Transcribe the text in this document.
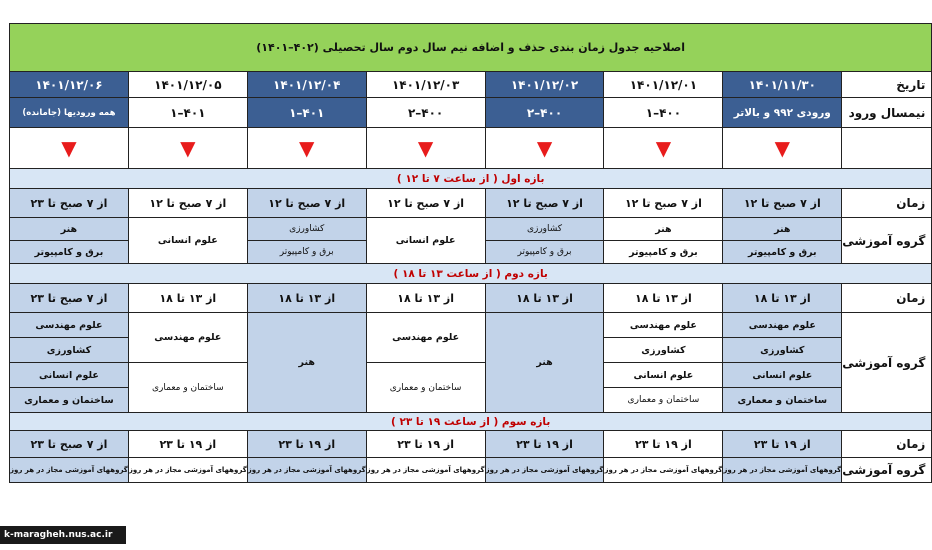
اصلاحیه جدول زمان بندی حذف و اضافه نیم سال دوم سال تحصیلی (۴۰۲–۱۴۰۱)							
تاریخ	۱۴۰۱/۱۱/۳۰	۱۴۰۱/۱۲/۰۱	۱۴۰۱/۱۲/۰۲	۱۴۰۱/۱۲/۰۳	۱۴۰۱/۱۲/۰۴	۱۴۰۱/۱۲/۰۵	۱۴۰۱/۱۲/۰۶
نیمسال ورود	ورودی ۹۹۲ و بالاتر	۴۰۰–۱	۴۰۰–۲	۴۰۰–۲	۴۰۱–۱	۴۰۱–۱	همه ورودیها (جامانده)
	▼	▼	▼	▼	▼	▼	▼
بازه اول ( از ساعت ۷ تا ۱۲ )							
زمان	از ۷ صبح تا ۱۲	از ۷ صبح تا ۱۲	از ۷ صبح تا ۱۲	از ۷ صبح تا ۱۲	از ۷ صبح تا ۱۲	از ۷ صبح تا ۱۲	از ۷ صبح تا ۲۳
گروه آموزشی	هنر	هنر	کشاورزی	علوم انسانی	کشاورزی	علوم انسانی	هنر
	برق و کامپیوتر	برق و کامپیوتر	برق و کامپیوتر		برق و کامپیوتر		برق و کامپیوتر
بازه دوم ( از ساعت ۱۳ تا ۱۸ )							
زمان	از ۱۳ تا ۱۸	از ۱۳ تا ۱۸	از ۱۳ تا ۱۸	از ۱۳ تا ۱۸	از ۱۳ تا ۱۸	از ۱۳ تا ۱۸	از ۷ صبح تا ۲۳
گروه آموزشی	علوم مهندسی	علوم مهندسی	هنر	علوم مهندسی	هنر	علوم مهندسی	علوم مهندسی
	کشاورزی	کشاورزی					کشاورزی
	علوم انسانی	علوم انسانی		ساختمان و معماری		ساختمان و معماری	علوم انسانی
	ساختمان و معماری	ساختمان و معماری					ساختمان و معماری
بازه سوم ( از ساعت ۱۹ تا ۲۳ )							
زمان	از ۱۹ تا ۲۳	از ۱۹ تا ۲۳	از ۱۹ تا ۲۳	از ۱۹ تا ۲۳	از ۱۹ تا ۲۳	از ۱۹ تا ۲۳	از ۷ صبح تا ۲۳
گروه آموزشی	گروههای آموزشی مجاز در هر روز	گروههای آموزشی مجاز در هر روز	گروههای آموزشی مجاز در هر روز	گروههای آموزشی مجاز در هر روز	گروههای آموزشی مجاز در هر روز	گروههای آموزشی مجاز در هر روز	گروههای آموزشی مجاز در هر روز
k-maragheh.nus.ac.ir
